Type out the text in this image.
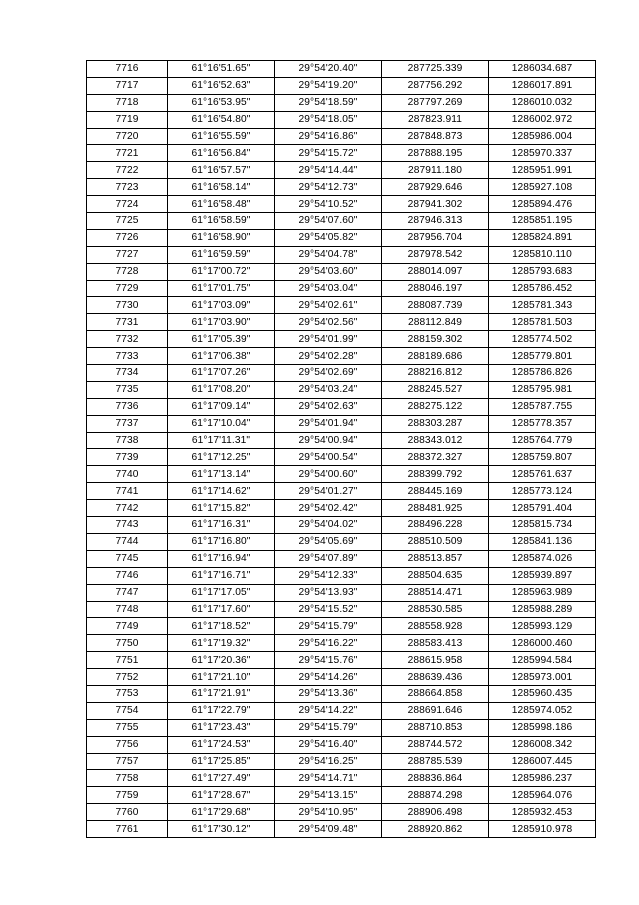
7716	61°16'51.65"	29°54'20.40"	287725.339	1286034.687
7717	61°16'52.63"	29°54'19.20"	287756.292	1286017.891
7718	61°16'53.95"	29°54'18.59"	287797.269	1286010.032
7719	61°16'54.80"	29°54'18.05"	287823.911	1286002.972
7720	61°16'55.59"	29°54'16.86"	287848.873	1285986.004
7721	61°16'56.84"	29°54'15.72"	287888.195	1285970.337
7722	61°16'57.57"	29°54'14.44"	287911.180	1285951.991
7723	61°16'58.14"	29°54'12.73"	287929.646	1285927.108
7724	61°16'58.48"	29°54'10.52"	287941.302	1285894.476
7725	61°16'58.59"	29°54'07.60"	287946.313	1285851.195
7726	61°16'58.90"	29°54'05.82"	287956.704	1285824.891
7727	61°16'59.59"	29°54'04.78"	287978.542	1285810.110
7728	61°17'00.72"	29°54'03.60"	288014.097	1285793.683
7729	61°17'01.75"	29°54'03.04"	288046.197	1285786.452
7730	61°17'03.09"	29°54'02.61"	288087.739	1285781.343
7731	61°17'03.90"	29°54'02.56"	288112.849	1285781.503
7732	61°17'05.39"	29°54'01.99"	288159.302	1285774.502
7733	61°17'06.38"	29°54'02.28"	288189.686	1285779.801
7734	61°17'07.26"	29°54'02.69"	288216.812	1285786.826
7735	61°17'08.20"	29°54'03.24"	288245.527	1285795.981
7736	61°17'09.14"	29°54'02.63"	288275.122	1285787.755
7737	61°17'10.04"	29°54'01.94"	288303.287	1285778.357
7738	61°17'11.31"	29°54'00.94"	288343.012	1285764.779
7739	61°17'12.25"	29°54'00.54"	288372.327	1285759.807
7740	61°17'13.14"	29°54'00.60"	288399.792	1285761.637
7741	61°17'14.62"	29°54'01.27"	288445.169	1285773.124
7742	61°17'15.82"	29°54'02.42"	288481.925	1285791.404
7743	61°17'16.31"	29°54'04.02"	288496.228	1285815.734
7744	61°17'16.80"	29°54'05.69"	288510.509	1285841.136
7745	61°17'16.94"	29°54'07.89"	288513.857	1285874.026
7746	61°17'16.71"	29°54'12.33"	288504.635	1285939.897
7747	61°17'17.05"	29°54'13.93"	288514.471	1285963.989
7748	61°17'17.60"	29°54'15.52"	288530.585	1285988.289
7749	61°17'18.52"	29°54'15.79"	288558.928	1285993.129
7750	61°17'19.32"	29°54'16.22"	288583.413	1286000.460
7751	61°17'20.36"	29°54'15.76"	288615.958	1285994.584
7752	61°17'21.10"	29°54'14.26"	288639.436	1285973.001
7753	61°17'21.91"	29°54'13.36"	288664.858	1285960.435
7754	61°17'22.79"	29°54'14.22"	288691.646	1285974.052
7755	61°17'23.43"	29°54'15.79"	288710.853	1285998.186
7756	61°17'24.53"	29°54'16.40"	288744.572	1286008.342
7757	61°17'25.85"	29°54'16.25"	288785.539	1286007.445
7758	61°17'27.49"	29°54'14.71"	288836.864	1285986.237
7759	61°17'28.67"	29°54'13.15"	288874.298	1285964.076
7760	61°17'29.68"	29°54'10.95"	288906.498	1285932.453
7761	61°17'30.12"	29°54'09.48"	288920.862	1285910.978
